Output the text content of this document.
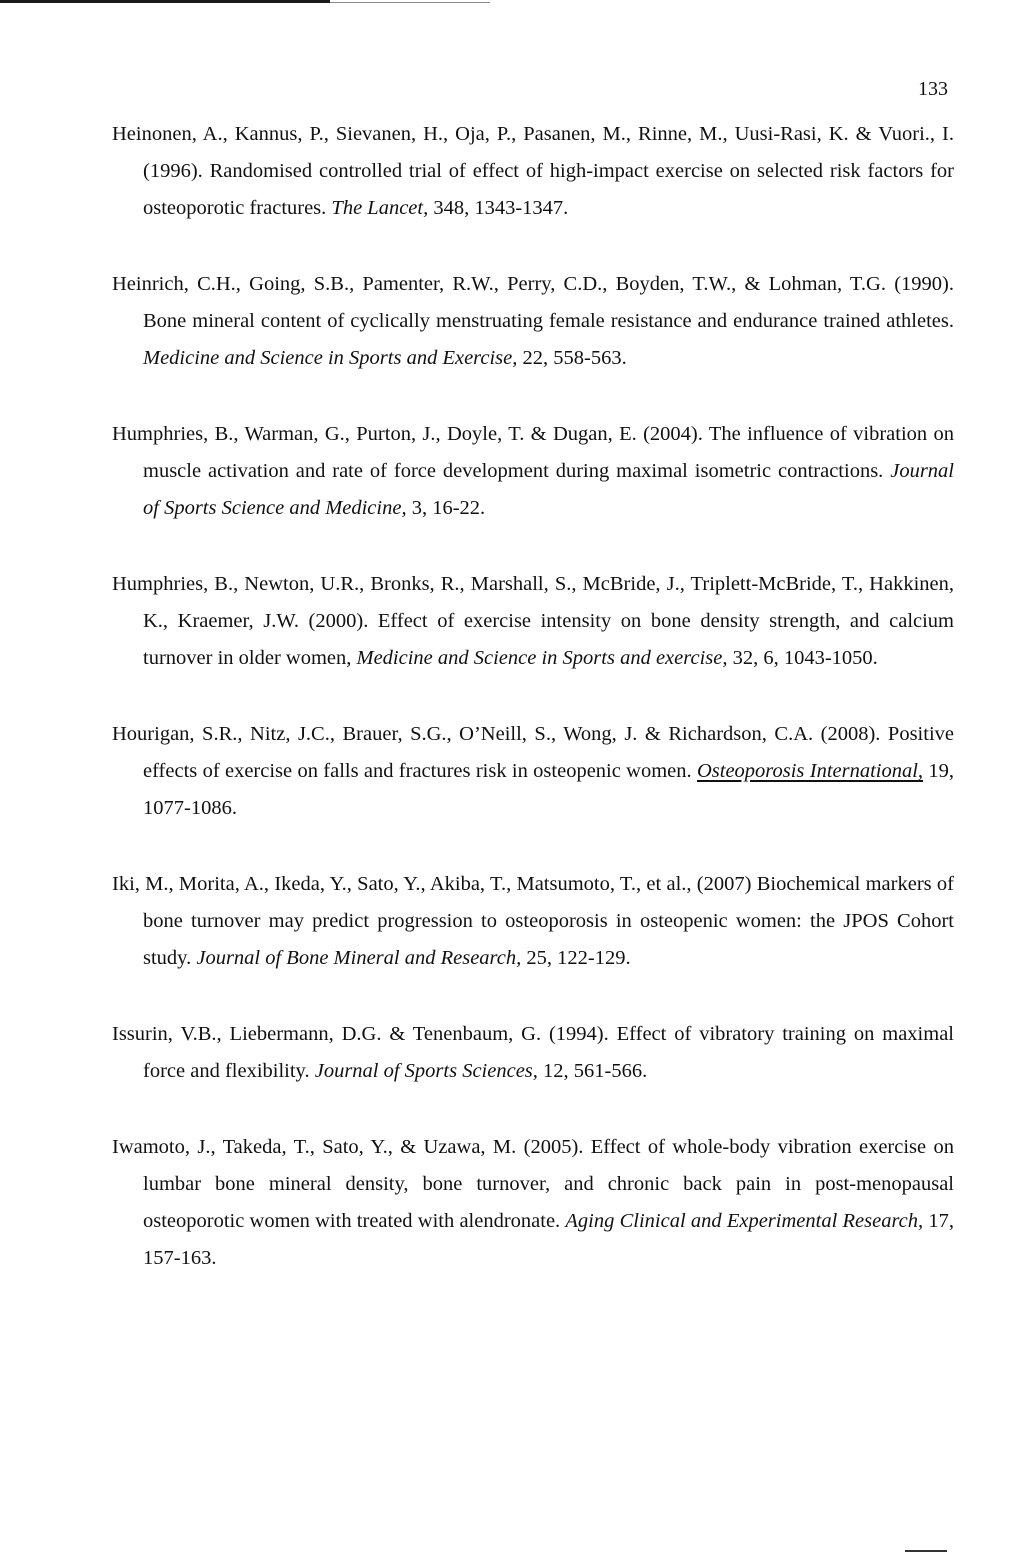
133

Heinonen, A., Kannus, P., Sievanen, H., Oja, P., Pasanen, M., Rinne, M., Uusi-Rasi, K. & Vuori., I. (1996). Randomised controlled trial of effect of high-impact exercise on selected risk factors for osteoporotic fractures. The Lancet, 348, 1343-1347.

Heinrich, C.H., Going, S.B., Pamenter, R.W., Perry, C.D., Boyden, T.W., & Lohman, T.G. (1990). Bone mineral content of cyclically menstruating female resistance and endurance trained athletes. Medicine and Science in Sports and Exercise, 22, 558-563.

Humphries, B., Warman, G., Purton, J., Doyle, T. & Dugan, E. (2004). The influence of vibration on muscle activation and rate of force development during maximal isometric contractions. Journal of Sports Science and Medicine, 3, 16-22.

Humphries, B., Newton, U.R., Bronks, R., Marshall, S., McBride, J., Triplett-McBride, T., Hakkinen, K., Kraemer, J.W. (2000). Effect of exercise intensity on bone density strength, and calcium turnover in older women, Medicine and Science in Sports and exercise, 32, 6, 1043-1050.

Hourigan, S.R., Nitz, J.C., Brauer, S.G., O’Neill, S., Wong, J. & Richardson, C.A. (2008). Positive effects of exercise on falls and fractures risk in osteopenic women. Osteoporosis International, 19, 1077-1086.

Iki, M., Morita, A., Ikeda, Y., Sato, Y., Akiba, T., Matsumoto, T., et al., (2007) Biochemical markers of bone turnover may predict progression to osteoporosis in osteopenic women: the JPOS Cohort study. Journal of Bone Mineral and Research, 25, 122-129.

Issurin, V.B., Liebermann, D.G. & Tenenbaum, G. (1994). Effect of vibratory training on maximal force and flexibility. Journal of Sports Sciences, 12, 561-566.

Iwamoto, J., Takeda, T., Sato, Y., & Uzawa, M. (2005). Effect of whole-body vibration exercise on lumbar bone mineral density, bone turnover, and chronic back pain in post-menopausal osteoporotic women with treated with alendronate. Aging Clinical and Experimental Research, 17, 157-163.
